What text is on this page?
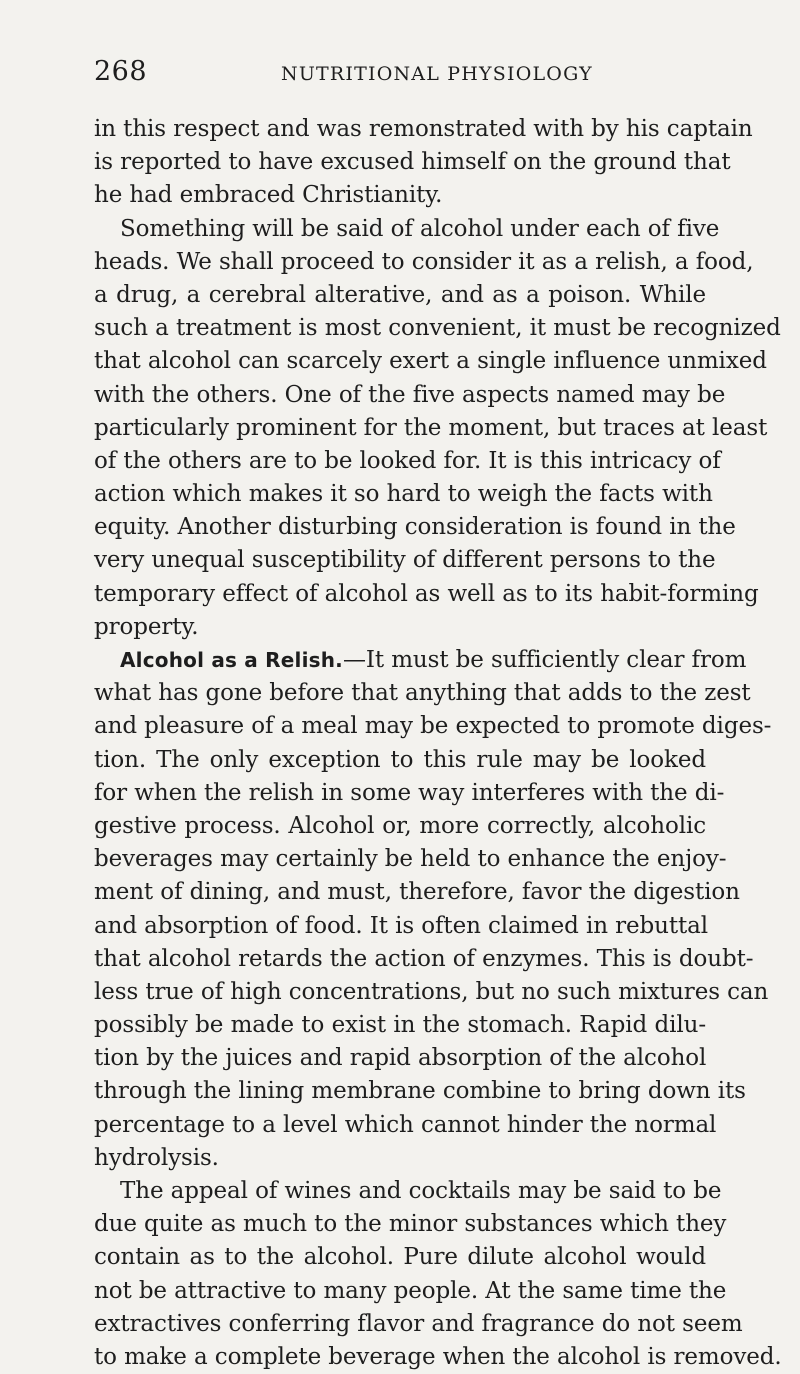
268	NUTRITIONAL PHYSIOLOGY
in this respect and was remonstrated with by his captain
is reported to have excused himself on the ground that
he had embraced Christianity.
Something will be said of alcohol under each of five
heads. We shall proceed to consider it as a relish, a food,
a drug, a cerebral alterative, and as a poison. While
such a treatment is most convenient, it must be recognized
that alcohol can scarcely exert a single influence unmixed
with the others. One of the five aspects named may be
particularly prominent for the moment, but traces at least
of the others are to be looked for. It is this intricacy of
action which makes it so hard to weigh the facts with
equity. Another disturbing consideration is found in the
very unequal susceptibility of different persons to the
temporary effect of alcohol as well as to its habit-forming
property.
Alcohol as a Relish.—It must be sufficiently clear from
what has gone before that anything that adds to the zest
and pleasure of a meal may be expected to promote diges-
tion. The only exception to this rule may be looked
for when the relish in some way interferes with the di-
gestive process. Alcohol or, more correctly, alcoholic
beverages may certainly be held to enhance the enjoy-
ment of dining, and must, therefore, favor the digestion
and absorption of food. It is often claimed in rebuttal
that alcohol retards the action of enzymes. This is doubt-
less true of high concentrations, but no such mixtures can
possibly be made to exist in the stomach. Rapid dilu-
tion by the juices and rapid absorption of the alcohol
through the lining membrane combine to bring down its
percentage to a level which cannot hinder the normal
hydrolysis.
The appeal of wines and cocktails may be said to be
due quite as much to the minor substances which they
contain as to the alcohol. Pure dilute alcohol would
not be attractive to many people. At the same time the
extractives conferring flavor and fragrance do not seem
to make a complete beverage when the alcohol is removed.
